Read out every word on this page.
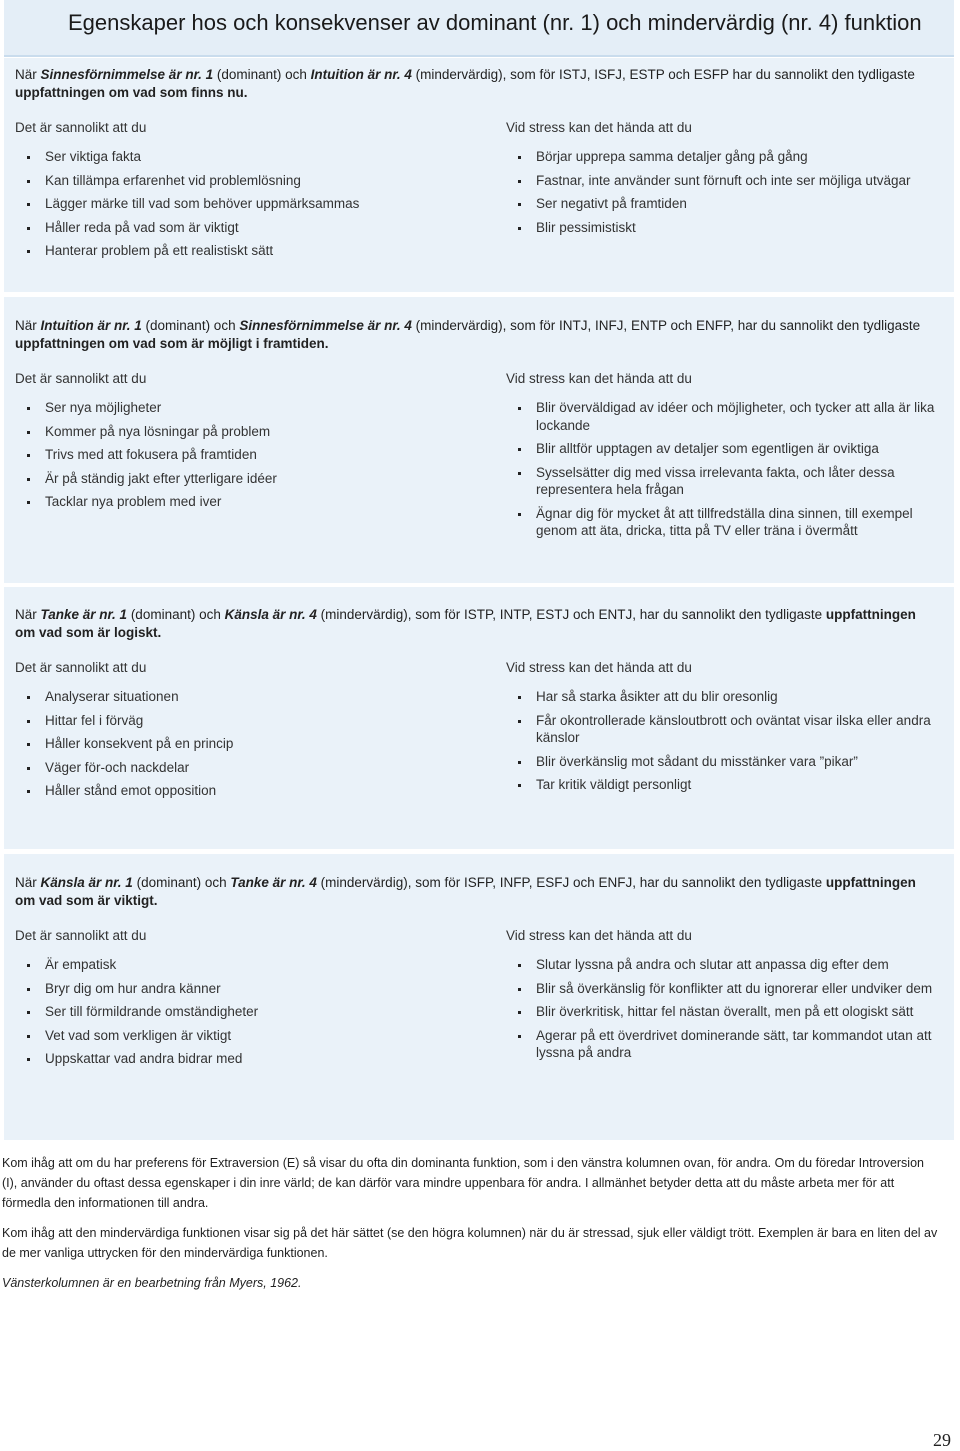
Egenskaper hos och konsekvenser av dominant (nr. 1) och mindervärdig (nr. 4) funktion
När Sinnesförnimmelse är nr. 1 (dominant) och Intuition är nr. 4 (mindervärdig), som för ISTJ, ISFJ, ESTP och ESFP har du sannolikt den tydligaste uppfattningen om vad som finns nu.
Det är sannolikt att du	Vid stress kan det hända att du
Ser viktiga fakta
Kan tillämpa erfarenhet vid problemlösning
Lägger märke till vad som behöver uppmärksammas
Håller reda på vad som är viktigt
Hanterar problem på ett realistiskt sätt
Börjar upprepa samma detaljer gång på gång
Fastnar, inte använder sunt förnuft och inte ser möjliga utvägar
Ser negativt på framtiden
Blir pessimistiskt
När Intuition är nr. 1 (dominant) och Sinnesförnimmelse är nr. 4 (mindervärdig), som för INTJ, INFJ, ENTP och ENFP, har du sannolikt den tydligaste uppfattningen om vad som är möjligt i framtiden.
Det är sannolikt att du	Vid stress kan det hända att du
Ser nya möjligheter
Kommer på nya lösningar på problem
Trivs med att fokusera på framtiden
Är på ständig jakt efter ytterligare idéer
Tacklar nya problem med iver
Blir överväldigad av idéer och möjligheter, och tycker att alla är lika lockande
Blir alltför upptagen av detaljer som egentligen är oviktiga
Sysselsätter dig med vissa irrelevanta fakta, och låter dessa representera hela frågan
Ägnar dig för mycket åt att tillfredställa dina sinnen, till exempel genom att äta, dricka, titta på TV eller träna i övermått
När Tanke är nr. 1 (dominant) och Känsla är nr. 4 (mindervärdig), som för ISTP, INTP, ESTJ och ENTJ, har du sannolikt den tydligaste uppfattningen om vad som är logiskt.
Det är sannolikt att du	Vid stress kan det hända att du
Analyserar situationen
Hittar fel i förväg
Håller konsekvent på en princip
Väger för-och nackdelar
Håller stånd emot opposition
Har så starka åsikter att du blir oresonlig
Får okontrollerade känsloutbrott och oväntat visar ilska eller andra känslor
Blir överkänslig mot sådant du misstänker vara ”pikar”
Tar kritik väldigt personligt
När Känsla är nr. 1 (dominant) och Tanke är nr. 4 (mindervärdig), som för ISFP, INFP, ESFJ och ENFJ, har du sannolikt den tydligaste uppfattningen om vad som är viktigt.
Det är sannolikt att du	Vid stress kan det hända att du
Är empatisk
Bryr dig om hur andra känner
Ser till förmildrande omständigheter
Vet vad som verkligen är viktigt
Uppskattar vad andra bidrar med
Slutar lyssna på andra och slutar att anpassa dig efter dem
Blir så överkänslig för konflikter att du ignorerar eller undviker dem
Blir överkritisk, hittar fel nästan överallt, men på ett ologiskt sätt
Agerar på ett överdrivet dominerande sätt, tar kommandot utan att lyssna på andra

Kom ihåg att om du har preferens för Extraversion (E) så visar du ofta din dominanta funktion, som i den vänstra kolumnen ovan, för andra. Om du föredar Introversion (I), använder du oftast dessa egenskaper i din inre värld; de kan därför vara mindre uppenbara för andra. I allmänhet betyder detta att du måste arbeta mer för att förmedla den informationen till andra.

Kom ihåg att den mindervärdiga funktionen visar sig på det här sättet (se den högra kolumnen) när du är stressad, sjuk eller väldigt trött. Exemplen är bara en liten del av de mer vanliga uttrycken för den mindervärdiga funktionen.

Vänsterkolumnen är en bearbetning från Myers, 1962.

29
